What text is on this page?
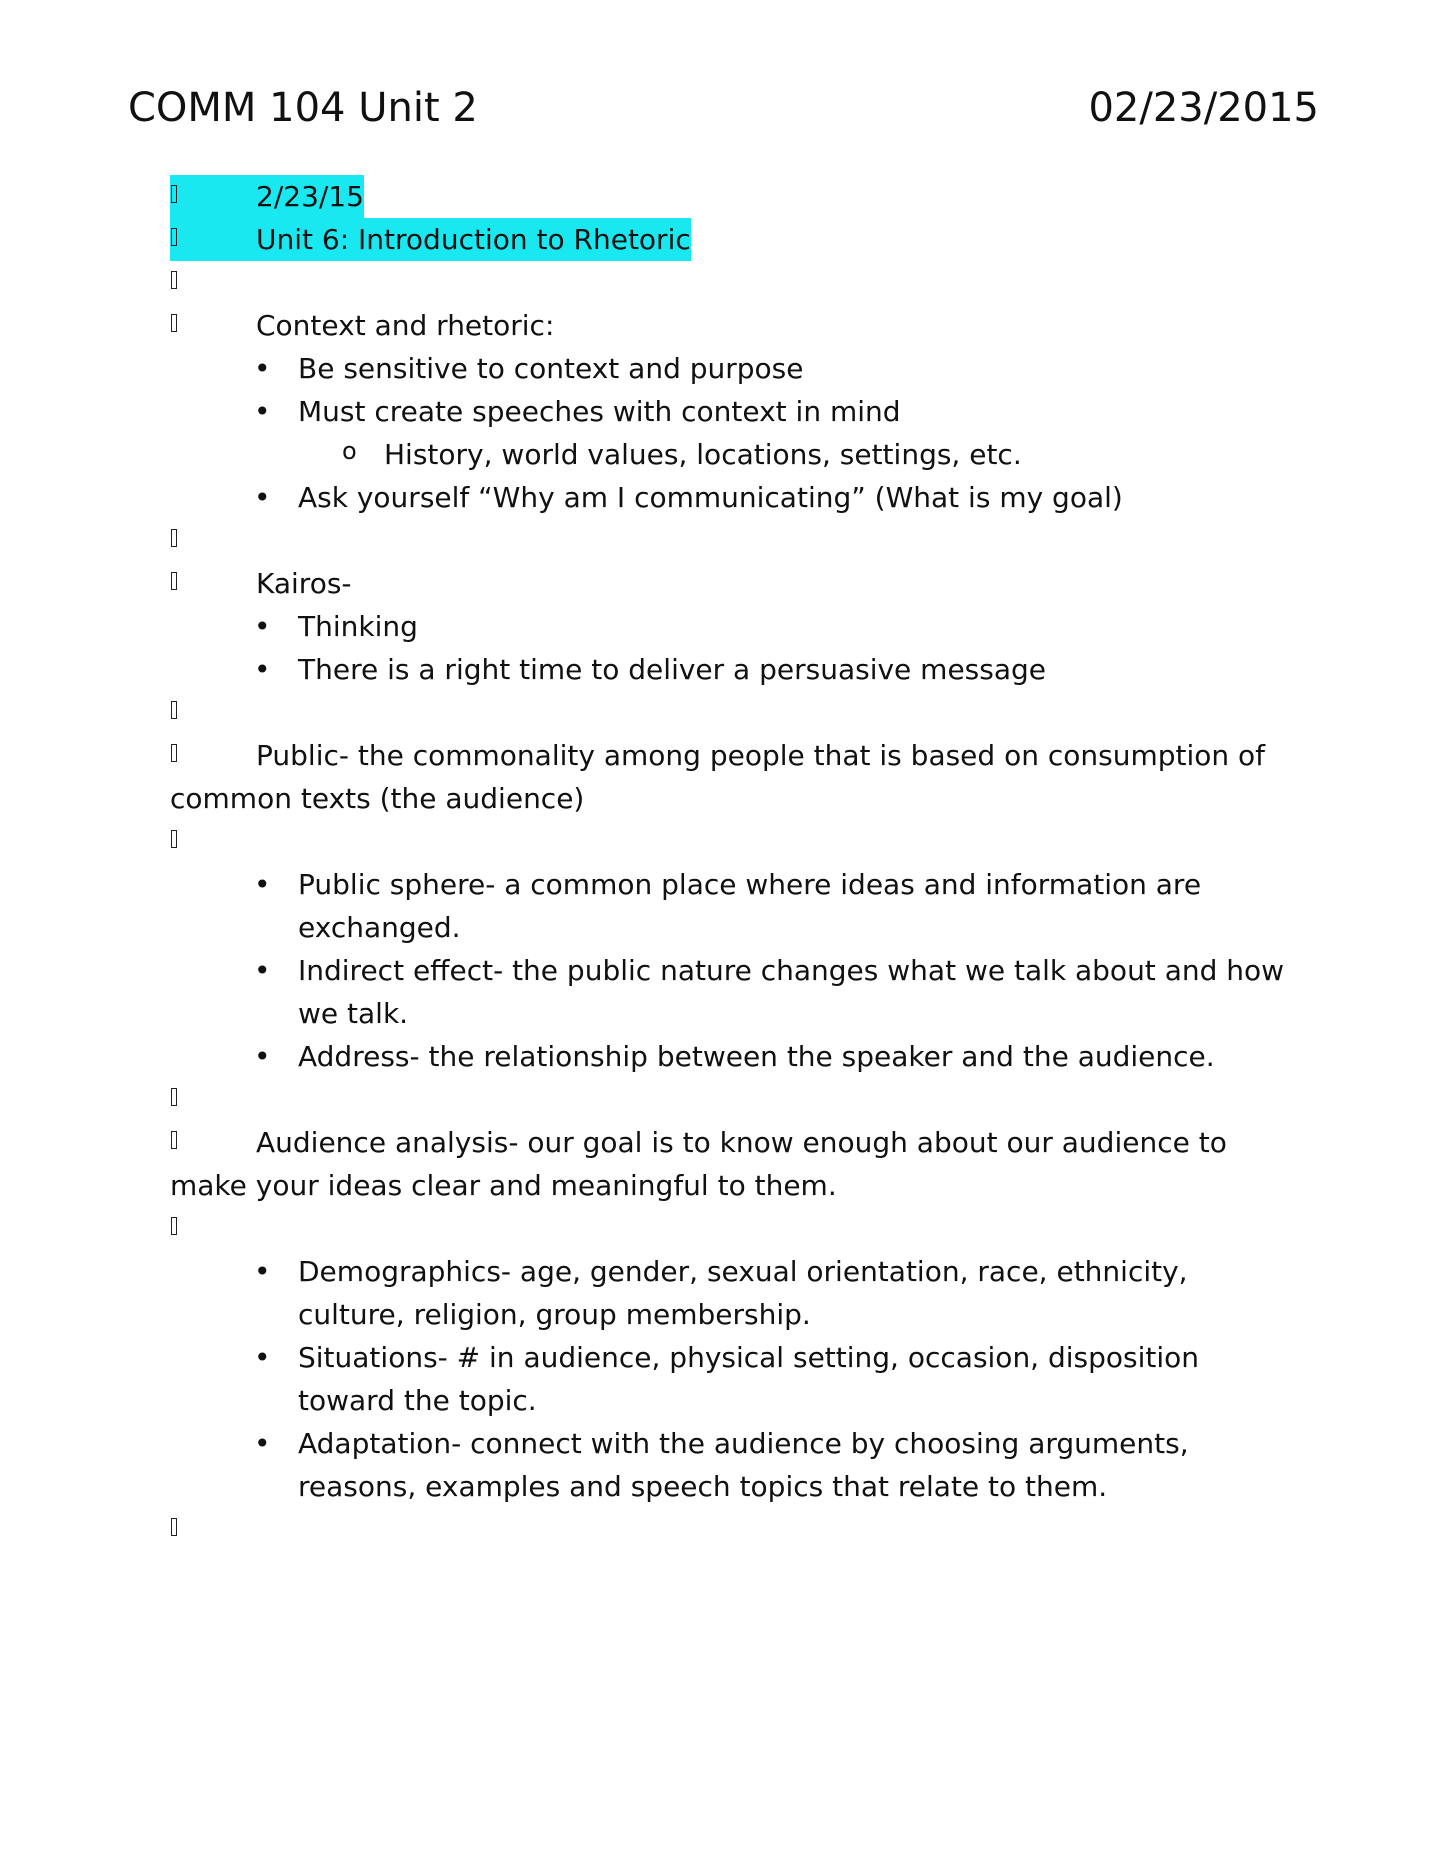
COMM 104 Unit 2	02/23/2015
2/23/15
Unit 6: Introduction to Rhetoric
Context and rhetoric:
• Be sensitive to context and purpose
• Must create speeches with context in mind
o History, world values, locations, settings, etc.
• Ask yourself “Why am I communicating” (What is my goal)
Kairos-
• Thinking
• There is a right time to deliver a persuasive message
Public- the commonality among people that is based on consumption of common texts (the audience)
• Public sphere- a common place where ideas and information are exchanged.
• Indirect effect- the public nature changes what we talk about and how we talk.
• Address- the relationship between the speaker and the audience.
Audience analysis- our goal is to know enough about our audience to make your ideas clear and meaningful to them.
• Demographics- age, gender, sexual orientation, race, ethnicity, culture, religion, group membership.
• Situations- # in audience, physical setting, occasion, disposition toward the topic.
• Adaptation- connect with the audience by choosing arguments, reasons, examples and speech topics that relate to them.
